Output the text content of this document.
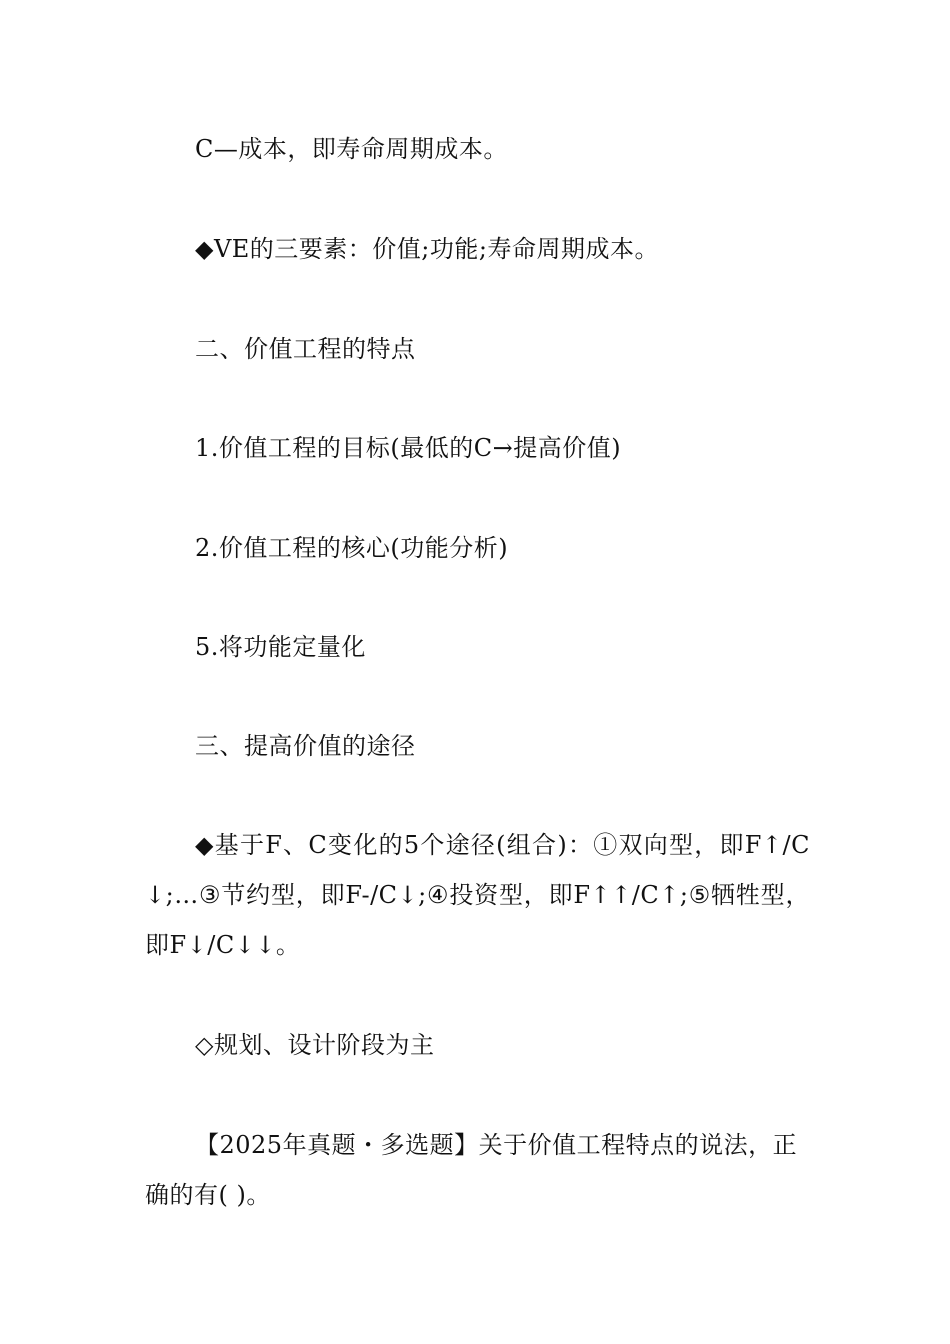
C—成本，即寿命周期成本。

◆VE的三要素：价值;功能;寿命周期成本。

二、价值工程的特点

1.价值工程的目标(最低的C→提高价值)

2.价值工程的核心(功能分析)

5.将功能定量化

三、提高价值的途径

◆基于F、C变化的5个途径(组合)：①双向型，即F↑/C↓;…③节约型，即F-/C↓;④投资型，即F↑↑/C↑;⑤牺牲型，即F↓/C↓↓。

◇规划、设计阶段为主

【2025年真题・多选题】关于价值工程特点的说法，正确的有( )。
